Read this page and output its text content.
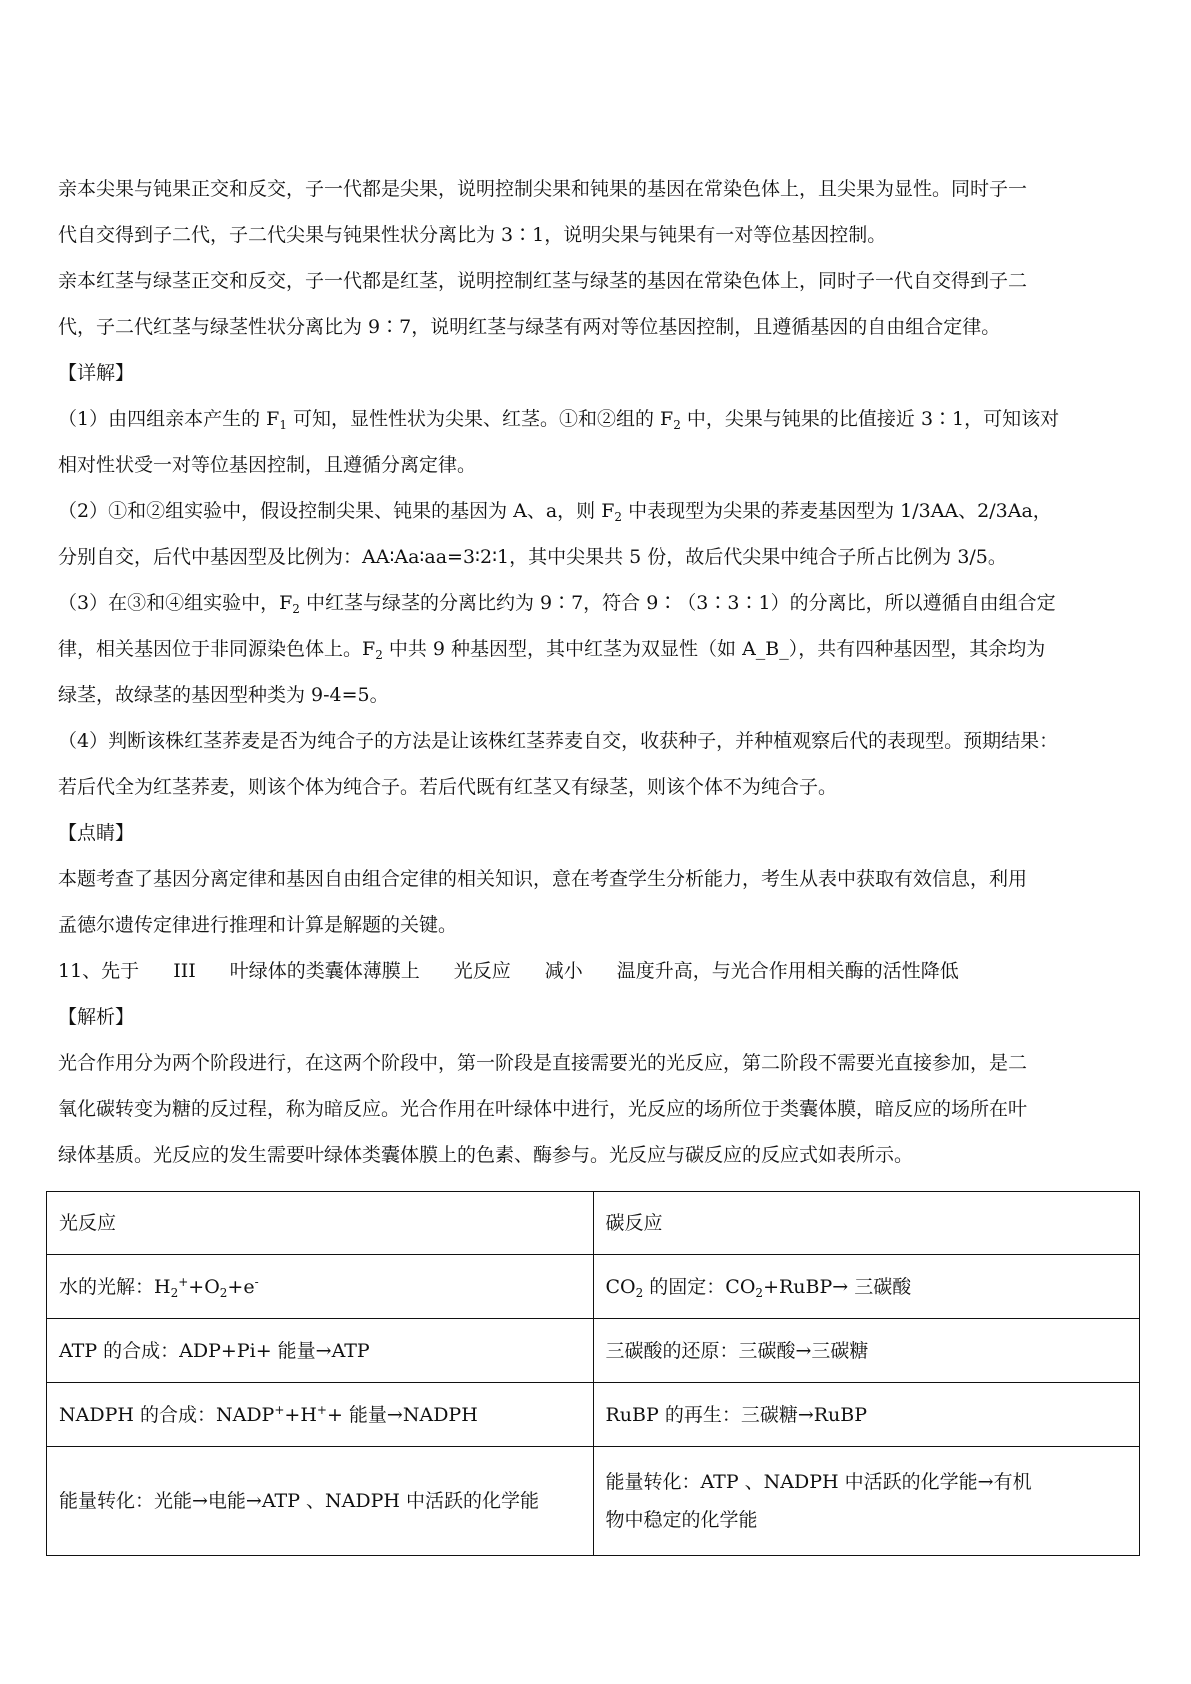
亲本尖果与钝果正交和反交，子一代都是尖果，说明控制尖果和钝果的基因在常染色体上，且尖果为显性。同时子一
代自交得到子二代，子二代尖果与钝果性状分离比为 3∶1，说明尖果与钝果有一对等位基因控制。

亲本红茎与绿茎正交和反交，子一代都是红茎，说明控制红茎与绿茎的基因在常染色体上，同时子一代自交得到子二
代，子二代红茎与绿茎性状分离比为 9∶7，说明红茎与绿茎有两对等位基因控制，且遵循基因的自由组合定律。

【详解】

（1）由四组亲本产生的 $F_1$ 可知，显性性状为尖果、红茎。①和②组的 $F_2$ 中，尖果与钝果的比值接近 3∶1，可知该对
相对性状受一对等位基因控制，且遵循分离定律。

（2）①和②组实验中，假设控制尖果、钝果的基因为 A、a，则 $F_2$ 中表现型为尖果的荞麦基因型为 1/3AA、2/3Aa，
分别自交，后代中基因型及比例为：AA∶Aa∶aa=3∶2∶1，其中尖果共 5 份，故后代尖果中纯合子所占比例为 3/5。

（3）在③和④组实验中，$F_2$ 中红茎与绿茎的分离比约为 9∶7，符合 9∶（3∶3∶1）的分离比，所以遵循自由组合定
律，相关基因位于非同源染色体上。$F_2$ 中共 9 种基因型，其中红茎为双显性（如 A_B_），共有四种基因型，其余均为
绿茎，故绿茎的基因型种类为 9-4=5。

（4）判断该株红茎荞麦是否为纯合子的方法是让该株红茎荞麦自交，收获种子，并种植观察后代的表现型。预期结果：
若后代全为红茎荞麦，则该个体为纯合子。若后代既有红茎又有绿茎，则该个体不为纯合子。

【点睛】

本题考查了基因分离定律和基因自由组合定律的相关知识，意在考查学生分析能力，考生从表中获取有效信息，利用
孟德尔遗传定律进行推理和计算是解题的关键。

11、先于 III 叶绿体的类囊体薄膜上 光反应 减小 温度升高，与光合作用相关酶的活性降低

【解析】

光合作用分为两个阶段进行，在这两个阶段中，第一阶段是直接需要光的光反应，第二阶段不需要光直接参加，是二
氧化碳转变为糖的反过程，称为暗反应。光合作用在叶绿体中进行，光反应的场所位于类囊体膜，暗反应的场所在叶
绿体基质。光反应的发生需要叶绿体类囊体膜上的色素、酶参与。光反应与碳反应的反应式如表所示。

光反应	碳反应
水的光解：$H_2^++O_2+e^-$	$CO_2$ 的固定：$CO_2+RuBP\to$ 三碳酸
ATP 的合成：ADP+Pi+ 能量→ATP	三碳酸的还原：三碳酸→三碳糖
NADPH 的合成：NADP++H++ 能量→NADPH	RuBP 的再生：三碳糖→RuBP
能量转化：光能→电能→ATP 、NADPH 中活跃的化学能	能量转化：ATP 、NADPH 中活跃的化学能→有机
物中稳定的化学能
